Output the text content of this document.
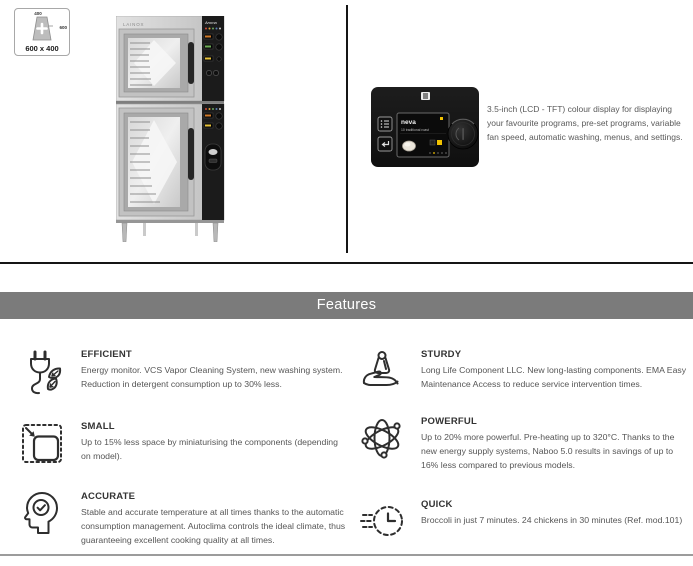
400
600
600 x 400
LAINOX	Aroma
neva
10 traditional roast

3.5-inch (LCD - TFT) colour display for displaying your favourite programs, pre-set programs, variable fan speed, automatic washing, menus, and settings.

Features
EFFICIENT
Energy monitor. VCS Vapor Cleaning System, new washing system. Reduction in detergent consumption up to 30% less.
STURDY
Long Life Component LLC. New long-lasting components. EMA Easy Maintenance Access to reduce service intervention times.
SMALL
Up to 15% less space by miniaturising the components (depending on model).
POWERFUL
Up to 20% more powerful. Pre-heating up to 320°C. Thanks to the new energy supply systems, Naboo 5.0 results in savings of up to 16% less compared to previous models.
ACCURATE
Stable and accurate temperature at all times thanks to the automatic consumption management. Autoclima controls the ideal climate, thus guaranteeing excellent cooking quality at all times.
QUICK
Broccoli in just 7 minutes. 24 chickens in 30 minutes (Ref. mod.101)
